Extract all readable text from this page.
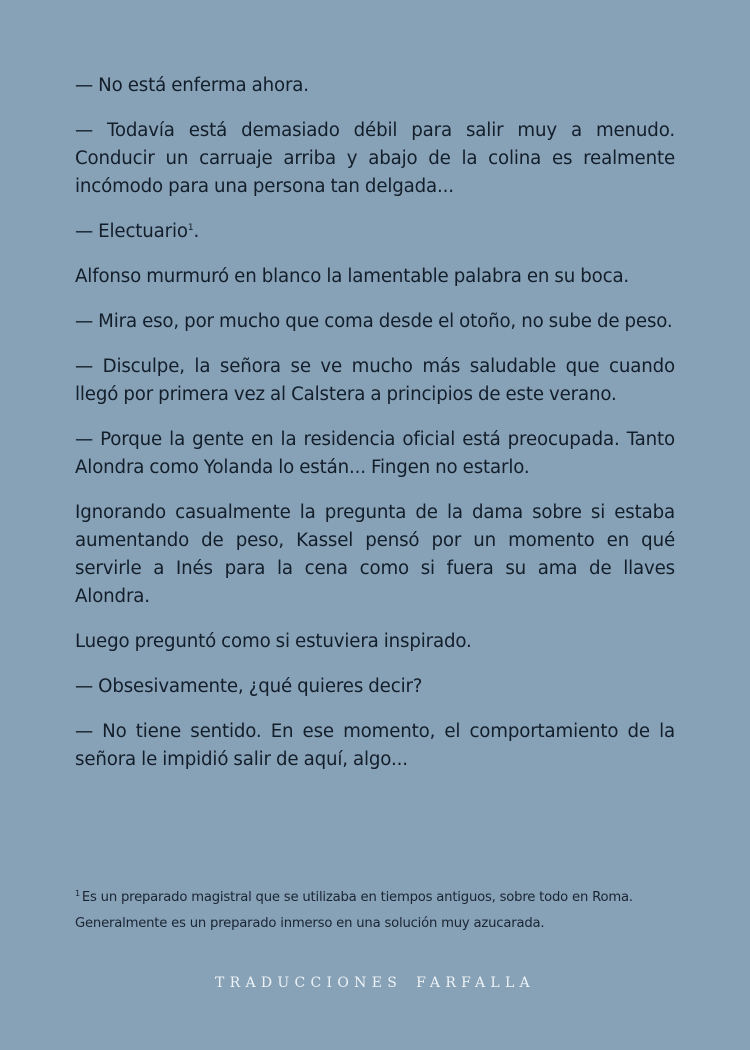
— No está enferma ahora.

— Todavía está demasiado débil para salir muy a menudo. Conducir un carruaje arriba y abajo de la colina es realmente incómodo para una persona tan delgada...

— Electuario$^1$.

Alfonso murmuró en blanco la lamentable palabra en su boca.

— Mira eso, por mucho que coma desde el otoño, no sube de peso.

— Disculpe, la señora se ve mucho más saludable que cuando llegó por primera vez al Calstera a principios de este verano.

— Porque la gente en la residencia oficial está preocupada. Tanto Alondra como Yolanda lo están... Fingen no estarlo.

Ignorando casualmente la pregunta de la dama sobre si estaba aumentando de peso, Kassel pensó por un momento en qué servirle a Inés para la cena como si fuera su ama de llaves Alondra.

Luego preguntó como si estuviera inspirado.

— Obsesivamente, ¿qué quieres decir?

— No tiene sentido. En ese momento, el comportamiento de la señora le impidió salir de aquí, algo...

$^1$ Es un preparado magistral que se utilizaba en tiempos antiguos, sobre todo en Roma. Generalmente es un preparado inmerso en una solución muy azucarada.
TRADUCCIONES FARFALLA
